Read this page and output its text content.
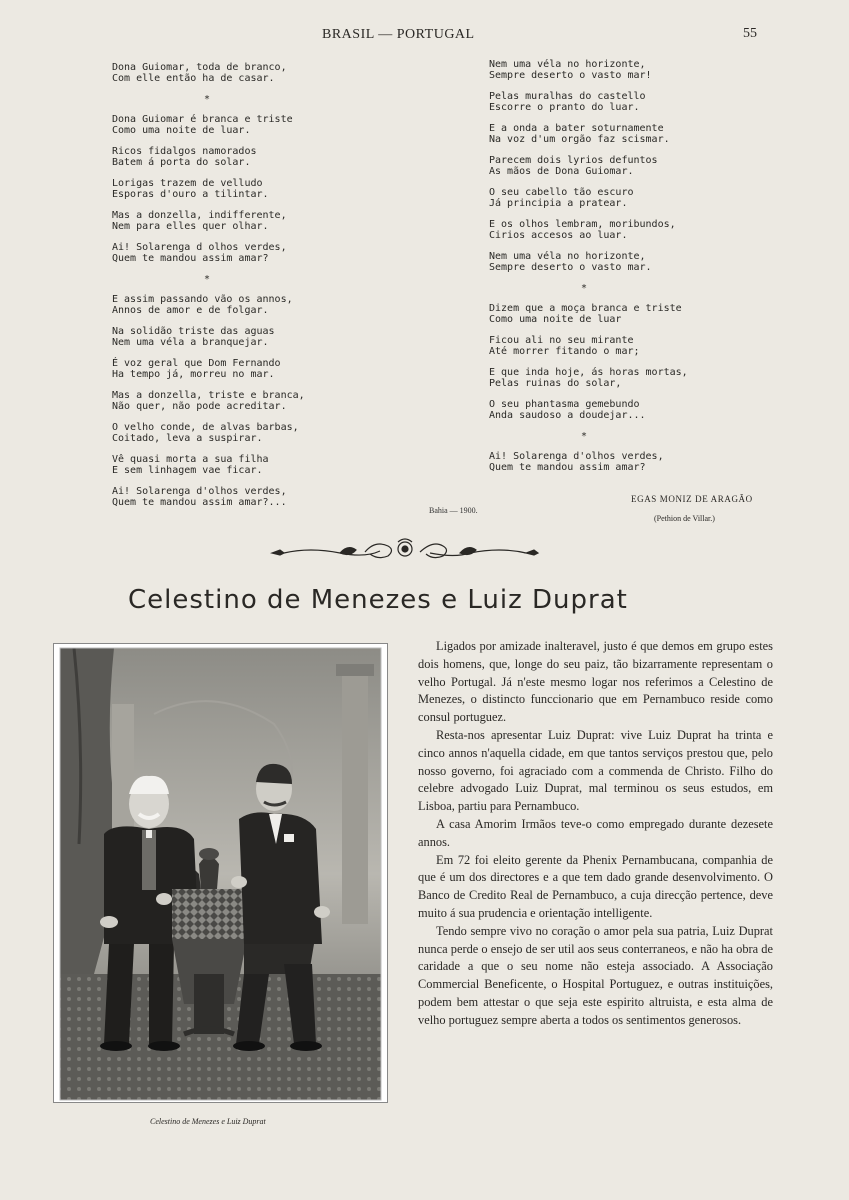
BRASIL — PORTUGAL	55
Dona Guiomar, toda de branco,
Com elle então ha de casar.
*
Dona Guiomar é branca e triste
Como uma noite de luar.
Ricos fidalgos namorados
Batem á porta do solar.
Lorigas trazem de velludo
Esporas d'ouro a tilintar.
Mas a donzella, indifferente,
Nem para elles quer olhar.
Ai! Solarenga d olhos verdes,
Quem te mandou assim amar?
*
E assim passando vão os annos,
Annos de amor e de folgar.
Na solidão triste das aguas
Nem uma véla a branquejar.
É voz geral que Dom Fernando
Ha tempo já, morreu no mar.
Mas a donzella, triste e branca,
Não quer, não pode acreditar.
O velho conde, de alvas barbas,
Coitado, leva a suspirar.
Vê quasi morta a sua filha
E sem linhagem vae ficar.
Ai! Solarenga d'olhos verdes,
Quem te mandou assim amar?...
Nem uma véla no horizonte,
Sempre deserto o vasto mar!
Pelas muralhas do castello
Escorre o pranto do luar.
E a onda a bater soturnamente
Na voz d'um orgão faz scismar.
Parecem dois lyrios defuntos
As mãos de Dona Guiomar.
O seu cabello tão escuro
Já principia a pratear.
E os olhos lembram, moribundos,
Cirios accesos ao luar.
Nem uma véla no horizonte,
Sempre deserto o vasto mar.
*
Dizem que a moça branca e triste
Como uma noite de luar
Ficou ali no seu mirante
Até morrer fitando o mar;
E que inda hoje, ás horas mortas,
Pelas ruinas do solar,
O seu phantasma gemebundo
Anda saudoso a doudejar...
*
Ai! Solarenga d'olhos verdes,
Quem te mandou assim amar?
Bahia — 1900.
EGAS MONIZ DE ARAGÃO
(Pethion de Villar.)
Celestino de Menezes e Luiz Duprat
Celestino de Menezes e Luiz Duprat

Ligados por amizade inalteravel, justo é que demos em grupo estes dois homens, que, longe do seu paiz, tão bizarramente representam o velho Portugal. Já n'este mesmo logar nos referimos a Celestino de Menezes, o distincto funccionario que em Pernambuco reside como consul portuguez.

Resta-nos apresentar Luiz Duprat: vive Luiz Duprat ha trinta e cinco annos n'aquella cidade, em que tantos serviços prestou que, pelo nosso governo, foi agraciado com a commenda de Christo. Filho do celebre advogado Luiz Duprat, mal terminou os seus estudos, em Lisboa, partiu para Pernambuco.

A casa Amorim Irmãos teve-o como empregado durante dezesete annos.

Em 72 foi eleito gerente da Phenix Pernambucana, companhia de que é um dos directores e a que tem dado grande desenvolvimento. O Banco de Credito Real de Pernambuco, a cuja direcção pertence, deve muito á sua prudencia e orientação intelligente.

Tendo sempre vivo no coração o amor pela sua patria, Luiz Duprat nunca perde o ensejo de ser util aos seus conterraneos, e não ha obra de caridade a que o seu nome não esteja associado. A Associação Commercial Beneficente, o Hospital Portuguez, e outras instituições, podem bem attestar o que seja este espirito altruista, e esta alma de velho portuguez sempre aberta a todos os sentimentos generosos.
